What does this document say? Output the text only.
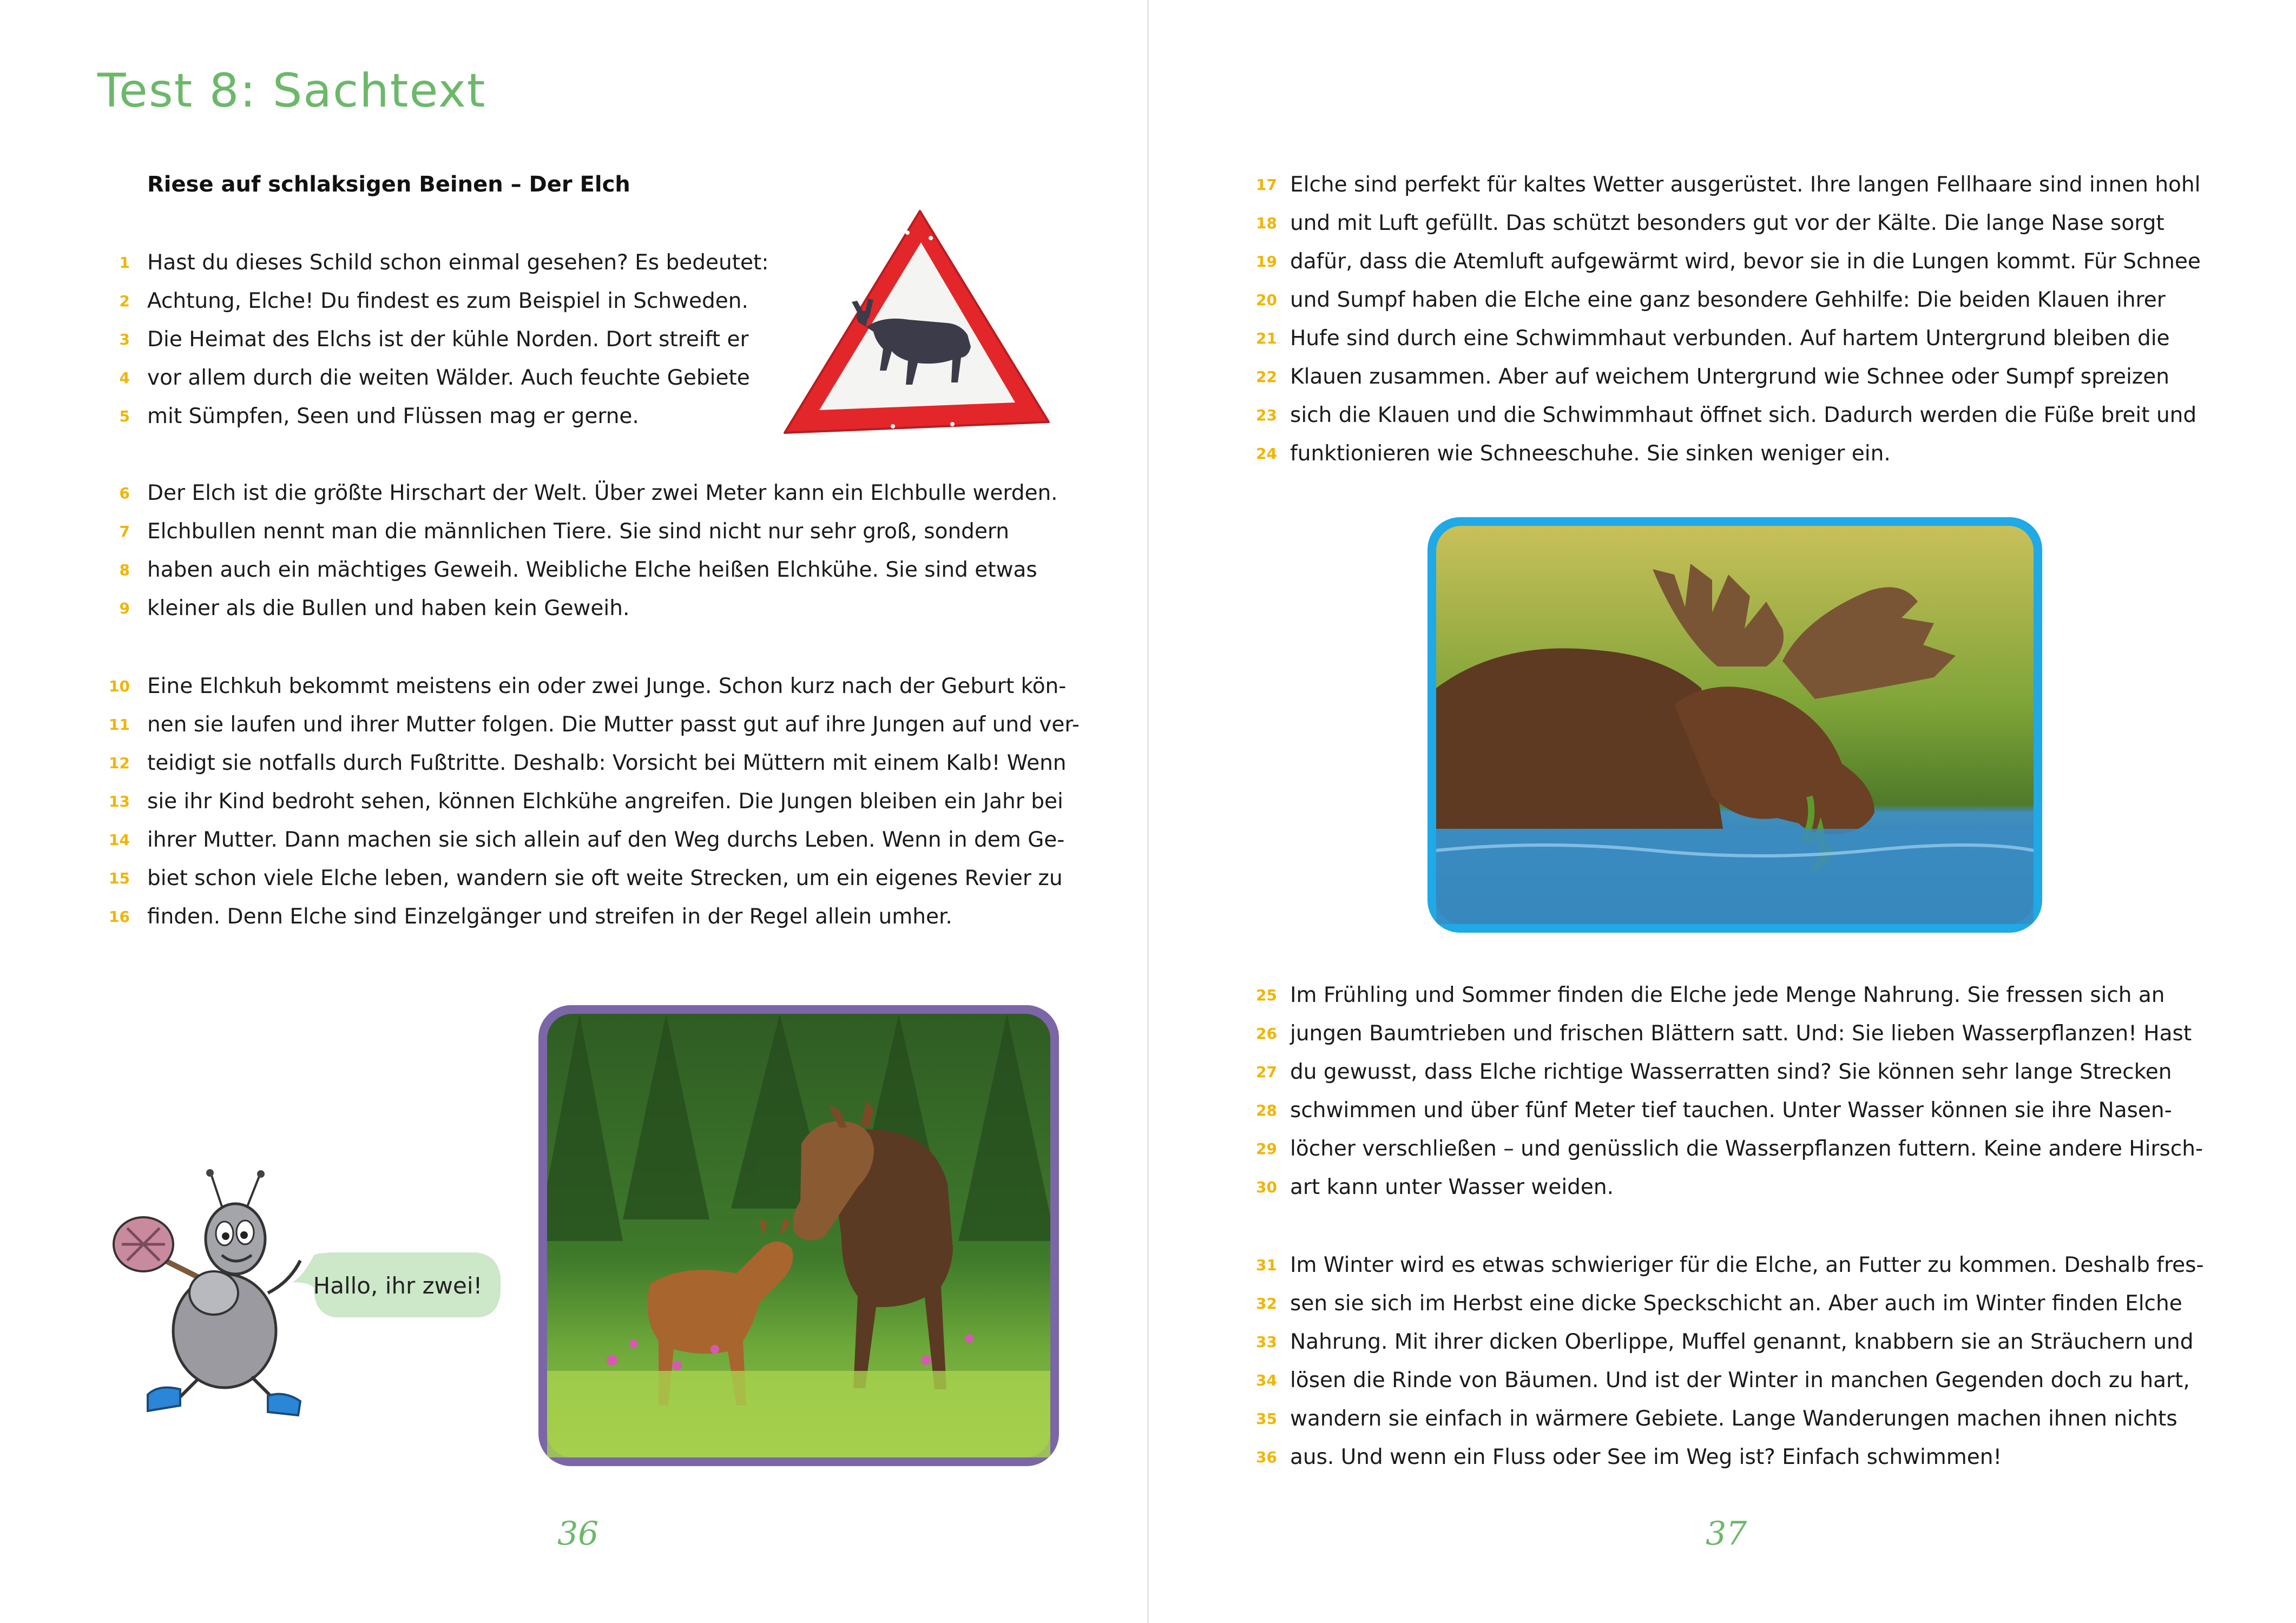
Test 8: Sachtext
Riese auf schlaksigen Beinen – Der Elch
1 Hast du dieses Schild schon einmal gesehen? Es bedeutet:
2 Achtung, Elche! Du findest es zum Beispiel in Schweden.
3 Die Heimat des Elchs ist der kühle Norden. Dort streift er
4 vor allem durch die weiten Wälder. Auch feuchte Gebiete
5 mit Sümpfen, Seen und Flüssen mag er gerne.
6 Der Elch ist die größte Hirschart der Welt. Über zwei Meter kann ein Elchbulle werden.
7 Elchbullen nennt man die männlichen Tiere. Sie sind nicht nur sehr groß, sondern
8 haben auch ein mächtiges Geweih. Weibliche Elche heißen Elchkühe. Sie sind etwas
9 kleiner als die Bullen und haben kein Geweih.
10 Eine Elchkuh bekommt meistens ein oder zwei Junge. Schon kurz nach der Geburt kön-
11 nen sie laufen und ihrer Mutter folgen. Die Mutter passt gut auf ihre Jungen auf und ver-
12 teidigt sie notfalls durch Fußtritte. Deshalb: Vorsicht bei Müttern mit einem Kalb! Wenn
13 sie ihr Kind bedroht sehen, können Elchkühe angreifen. Die Jungen bleiben ein Jahr bei
14 ihrer Mutter. Dann machen sie sich allein auf den Weg durchs Leben. Wenn in dem Ge-
15 biet schon viele Elche leben, wandern sie oft weite Strecken, um ein eigenes Revier zu
16 finden. Denn Elche sind Einzelgänger und streifen in der Regel allein umher.
17 Elche sind perfekt für kaltes Wetter ausgerüstet. Ihre langen Fellhaare sind innen hohl
18 und mit Luft gefüllt. Das schützt besonders gut vor der Kälte. Die lange Nase sorgt
19 dafür, dass die Atemluft aufgewärmt wird, bevor sie in die Lungen kommt. Für Schnee
20 und Sumpf haben die Elche eine ganz besondere Gehhilfe: Die beiden Klauen ihrer
21 Hufe sind durch eine Schwimmhaut verbunden. Auf hartem Untergrund bleiben die
22 Klauen zusammen. Aber auf weichem Untergrund wie Schnee oder Sumpf spreizen
23 sich die Klauen und die Schwimmhaut öffnet sich. Dadurch werden die Füße breit und
24 funktionieren wie Schneeschuhe. Sie sinken weniger ein.
25 Im Frühling und Sommer finden die Elche jede Menge Nahrung. Sie fressen sich an
26 jungen Baumtrieben und frischen Blättern satt. Und: Sie lieben Wasserpflanzen! Hast
27 du gewusst, dass Elche richtige Wasserratten sind? Sie können sehr lange Strecken
28 schwimmen und über fünf Meter tief tauchen. Unter Wasser können sie ihre Nasen-
29 löcher verschließen – und genüsslich die Wasserpflanzen futtern. Keine andere Hirsch-
30 art kann unter Wasser weiden.
31 Im Winter wird es etwas schwieriger für die Elche, an Futter zu kommen. Deshalb fres-
32 sen sie sich im Herbst eine dicke Speckschicht an. Aber auch im Winter finden Elche
33 Nahrung. Mit ihrer dicken Oberlippe, Muffel genannt, knabbern sie an Sträuchern und
34 lösen die Rinde von Bäumen. Und ist der Winter in manchen Gegenden doch zu hart,
35 wandern sie einfach in wärmere Gebiete. Lange Wanderungen machen ihnen nichts
36 aus. Und wenn ein Fluss oder See im Weg ist? Einfach schwimmen!
Hallo, ihr zwei!
36	37
